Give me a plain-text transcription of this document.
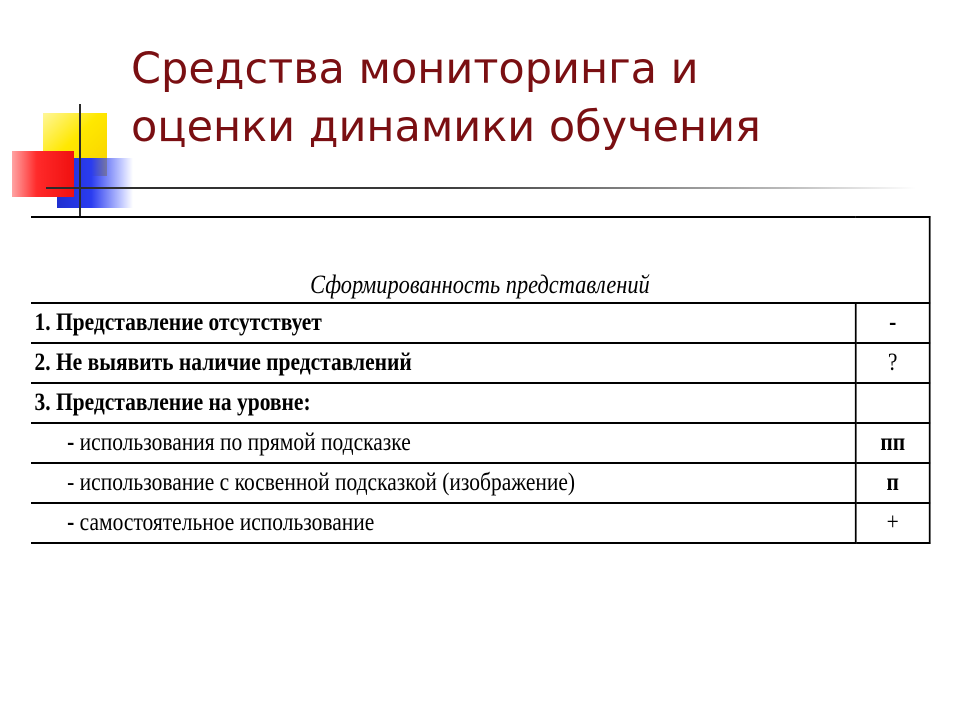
Средства мониторинга и
оценки динамики обучения
Сформированность представлений	
1. Представление отсутствует	-
2. Не выявить наличие представлений	?
3. Представление на уровне:	
- использования по прямой подсказке	пп
- использование с косвенной подсказкой (изображение)	п
- самостоятельное использование	+
